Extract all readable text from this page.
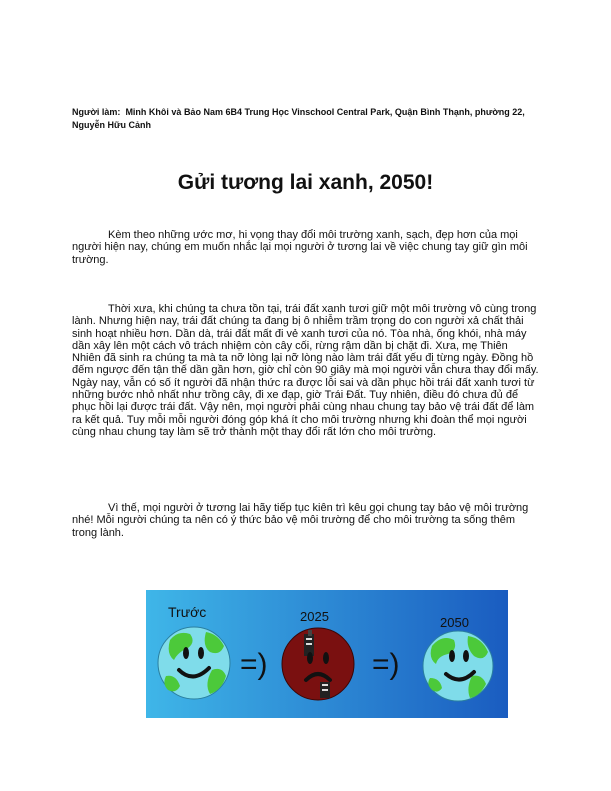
Người làm: Minh Khôi và Bảo Nam 6B4 Trung Học Vinschool Central Park, Quận Bình Thạnh, phường 22, Nguyễn Hữu Cảnh
Gửi tương lai xanh, 2050!

Kèm theo những ước mơ, hi vọng thay đổi môi trường xanh, sạch, đẹp hơn của mọi người hiện nay, chúng em muốn nhắc lại mọi người ở tương lai về việc chung tay giữ gìn môi trường.

Thời xưa, khi chúng ta chưa tồn tại, trái đất xanh tươi giữ một môi trường vô cùng trong lành. Nhưng hiện nay, trái đất chúng ta đang bị ô nhiễm trầm trọng do con người xả chất thải sinh hoạt nhiều hơn. Dần dà, trái đất mất đi vẻ xanh tươi của nó. Tòa nhà, ống khói, nhà máy dần xây lên một cách vô trách nhiệm còn cây cối, rừng rậm dần bị chặt đi. Xưa, mẹ Thiên Nhiên đã sinh ra chúng ta mà ta nỡ lòng lại nỡ lòng nào làm trái đất yếu đi từng ngày. Đồng hồ đếm ngược đến tận thế dần gần hơn, giờ chỉ còn 90 giây mà mọi người vẫn chưa thay đổi mấy. Ngày nay, vẫn có số ít người đã nhận thức ra được lỗi sai và dần phục hồi trái đất xanh tươi từ những bước nhỏ nhất như trồng cây, đi xe đạp, giờ Trái Đất. Tuy nhiên, điều đó chưa đủ để phục hồi lại được trái đất. Vậy nên, mọi người phải cùng nhau chung tay bảo vệ trái đất để làm ra kết quả. Tuy mỗi mỗi người đóng góp khá ít cho môi trường nhưng khi đoàn thể mọi người cùng nhau chung tay làm sẽ trở thành một thay đổi rất lớn cho môi trường.

Vì thế, mọi người ở tương lai hãy tiếp tục kiên trì kêu gọi chung tay bảo vệ môi trường nhé! Mỗi người chúng ta nên có ý thức bảo vệ môi trường để cho môi trường ta sống thêm trong lành.

Trước
=)
2025
=)
2050
